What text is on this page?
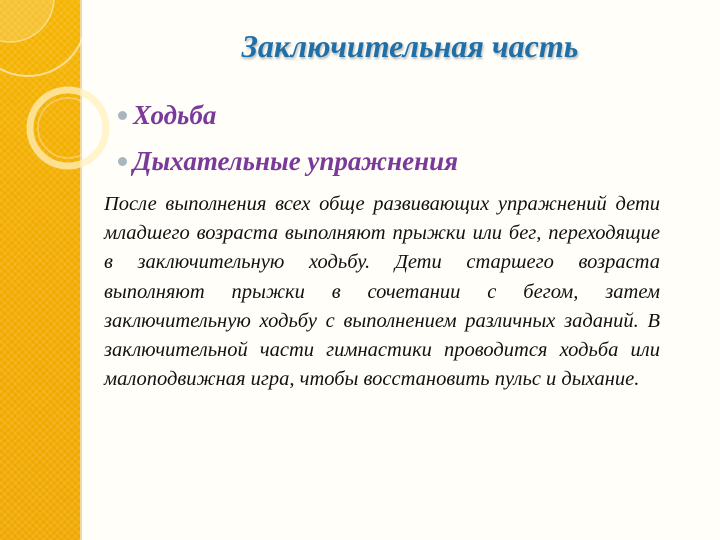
Заключительная часть
Ходьба
Дыхательные упражнения

После выполнения всех обще развивающих упражнений дети младшего возраста выполняют прыжки или бег, переходящие в заключительную ходьбу. Дети старшего возраста выполняют прыжки в сочетании с бегом, затем заключительную ходьбу с выполнением различных заданий. В заключительной части гимнастики проводится ходьба или малоподвижная игра, чтобы восстановить пульс и дыхание.
